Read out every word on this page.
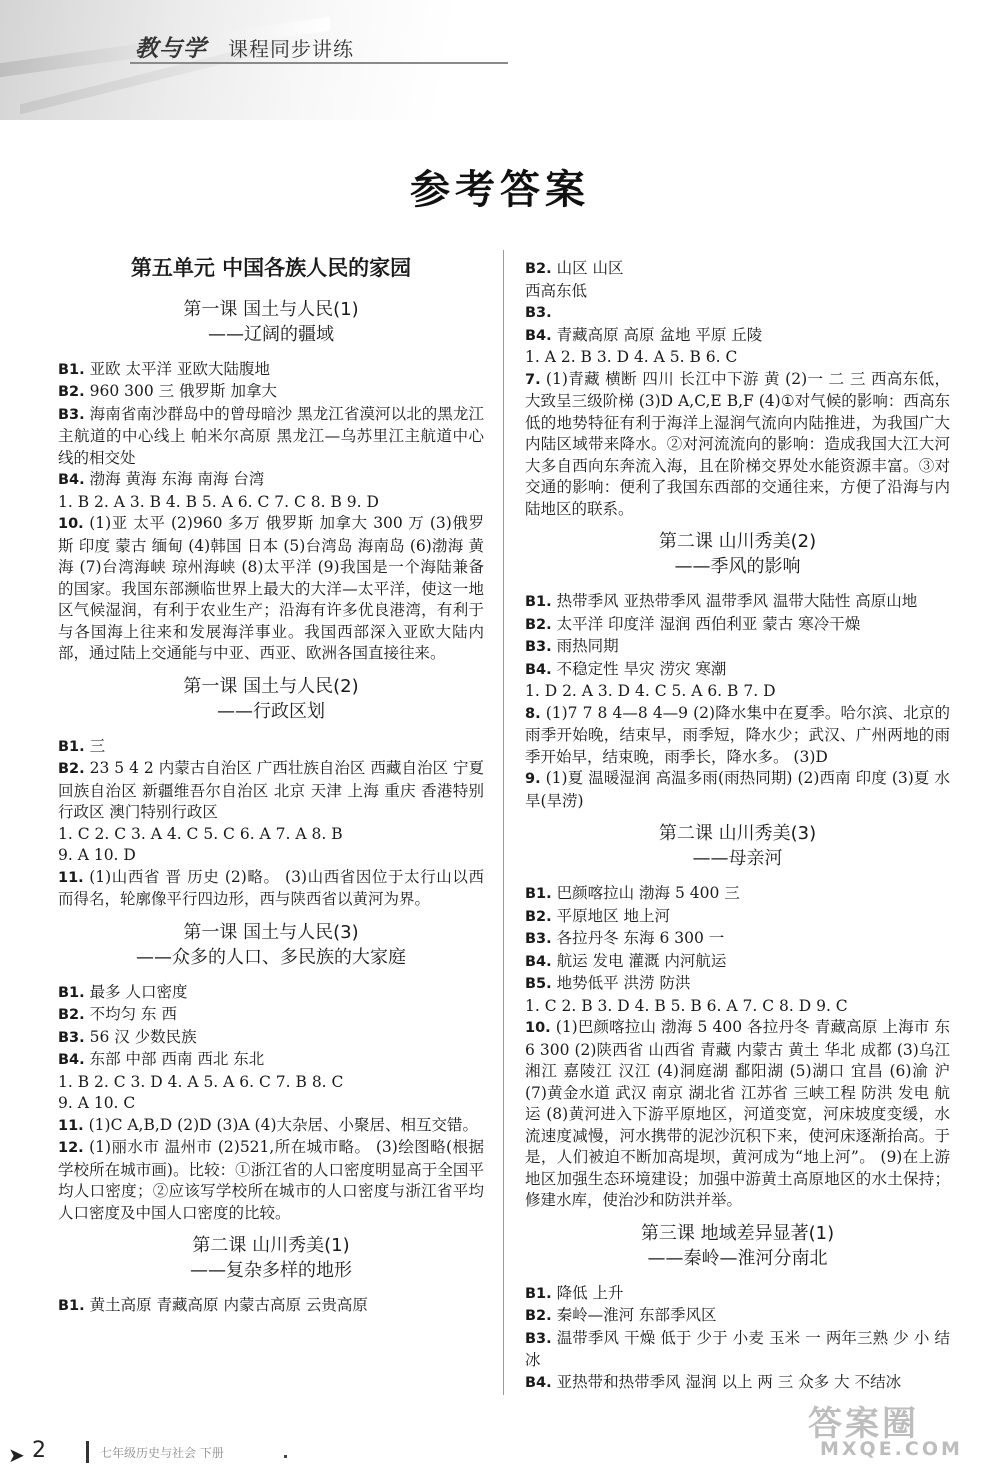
教与学 课程同步讲练
参考答案
第五单元 中国各族人民的家园
第一课 国土与人民(1)
——辽阔的疆域

B1. 亚欧 太平洋 亚欧大陆腹地

B2. 960 300 三 俄罗斯 加拿大

B3. 海南省南沙群岛中的曾母暗沙 黑龙江省漠河以北的黑龙江主航道的中心线上 帕米尔高原 黑龙江—乌苏里江主航道中心线的相交处

B4. 渤海 黄海 东海 南海 台湾

1. B 2. A 3. B 4. B 5. A 6. C 7. C 8. B 9. D

10. (1)亚 太平 (2)960 多万 俄罗斯 加拿大 300 万 (3)俄罗斯 印度 蒙古 缅甸 (4)韩国 日本 (5)台湾岛 海南岛 (6)渤海 黄海 (7)台湾海峡 琼州海峡 (8)太平洋 (9)我国是一个海陆兼备的国家。我国东部濒临世界上最大的大洋—太平洋，使这一地区气候湿润，有利于农业生产；沿海有许多优良港湾，有利于与各国海上往来和发展海洋事业。我国西部深入亚欧大陆内部，通过陆上交通能与中亚、西亚、欧洲各国直接往来。

第一课 国土与人民(2)
——行政区划

B1. 三

B2. 23 5 4 2 内蒙古自治区 广西壮族自治区 西藏自治区 宁夏回族自治区 新疆维吾尔自治区 北京 天津 上海 重庆 香港特别行政区 澳门特别行政区

1. C 2. C 3. A 4. C 5. C 6. A 7. A 8. B

9. A 10. D

11. (1)山西省 晋 历史 (2)略。 (3)山西省因位于太行山以西而得名，轮廓像平行四边形，西与陕西省以黄河为界。

第一课 国土与人民(3)
——众多的人口、多民族的大家庭

B1. 最多 人口密度

B2. 不均匀 东 西

B3. 56 汉 少数民族

B4. 东部 中部 西南 西北 东北

1. B 2. C 3. D 4. A 5. A 6. C 7. B 8. C

9. A 10. C

11. (1)C A,B,D (2)D (3)A (4)大杂居、小聚居、相互交错。

12. (1)丽水市 温州市 (2)521,所在城市略。 (3)绘图略(根据学校所在城市画)。比较：①浙江省的人口密度明显高于全国平均人口密度；②应该写学校所在城市的人口密度与浙江省平均人口密度及中国人口密度的比较。

第二课 山川秀美(1)
——复杂多样的地形

B1. 黄土高原 青藏高原 内蒙古高原 云贵高原

B2. 山区 山区

西高东低

B3.

B4. 青藏高原 高原 盆地 平原 丘陵

1. A 2. B 3. D 4. A 5. B 6. C

7. (1)青藏 横断 四川 长江中下游 黄 (2)一 二 三 西高东低，大致呈三级阶梯 (3)D A,C,E B,F (4)①对气候的影响：西高东低的地势特征有利于海洋上湿润气流向内陆推进，为我国广大内陆区域带来降水。②对河流流向的影响：造成我国大江大河大多自西向东奔流入海，且在阶梯交界处水能资源丰富。③对交通的影响：便利了我国东西部的交通往来，方便了沿海与内陆地区的联系。

第二课 山川秀美(2)
——季风的影响

B1. 热带季风 亚热带季风 温带季风 温带大陆性 高原山地

B2. 太平洋 印度洋 湿润 西伯利亚 蒙古 寒冷干燥

B3. 雨热同期

B4. 不稳定性 旱灾 涝灾 寒潮

1. D 2. A 3. D 4. C 5. A 6. B 7. D

8. (1)7 7 8 4—8 4—9 (2)降水集中在夏季。哈尔滨、北京的雨季开始晚，结束早，雨季短，降水少；武汉、广州两地的雨季开始早，结束晚，雨季长，降水多。 (3)D

9. (1)夏 温暖湿润 高温多雨(雨热同期) (2)西南 印度 (3)夏 水旱(旱涝)

第二课 山川秀美(3)
——母亲河

B1. 巴颜喀拉山 渤海 5 400 三

B2. 平原地区 地上河

B3. 各拉丹冬 东海 6 300 一

B4. 航运 发电 灌溉 内河航运

B5. 地势低平 洪涝 防洪

1. C 2. B 3. D 4. B 5. B 6. A 7. C 8. D 9. C

10. (1)巴颜喀拉山 渤海 5 400 各拉丹冬 青藏高原 上海市 东 6 300 (2)陕西省 山西省 青藏 内蒙古 黄土 华北 成都 (3)乌江 湘江 嘉陵江 汉江 (4)洞庭湖 鄱阳湖 (5)湖口 宜昌 (6)渝 沪 (7)黄金水道 武汉 南京 湖北省 江苏省 三峡工程 防洪 发电 航运 (8)黄河进入下游平原地区，河道变宽，河床坡度变缓，水流速度减慢，河水携带的泥沙沉积下来，使河床逐渐抬高。于是，人们被迫不断加高堤坝，黄河成为“地上河”。 (9)在上游地区加强生态环境建设；加强中游黄土高原地区的水土保持；修建水库，使治沙和防洪并举。

第三课 地域差异显著(1)
——秦岭—淮河分南北

B1. 降低 上升

B2. 秦岭—淮河 东部季风区

B3. 温带季风 干燥 低于 少于 小麦 玉米 一 两年三熟 少 小 结冰

B4. 亚热带和热带季风 湿润 以上 两 三 众多 大 不结冰

➤ 2	七年级历史与社会 下册
答案圈
MXQE.COM
